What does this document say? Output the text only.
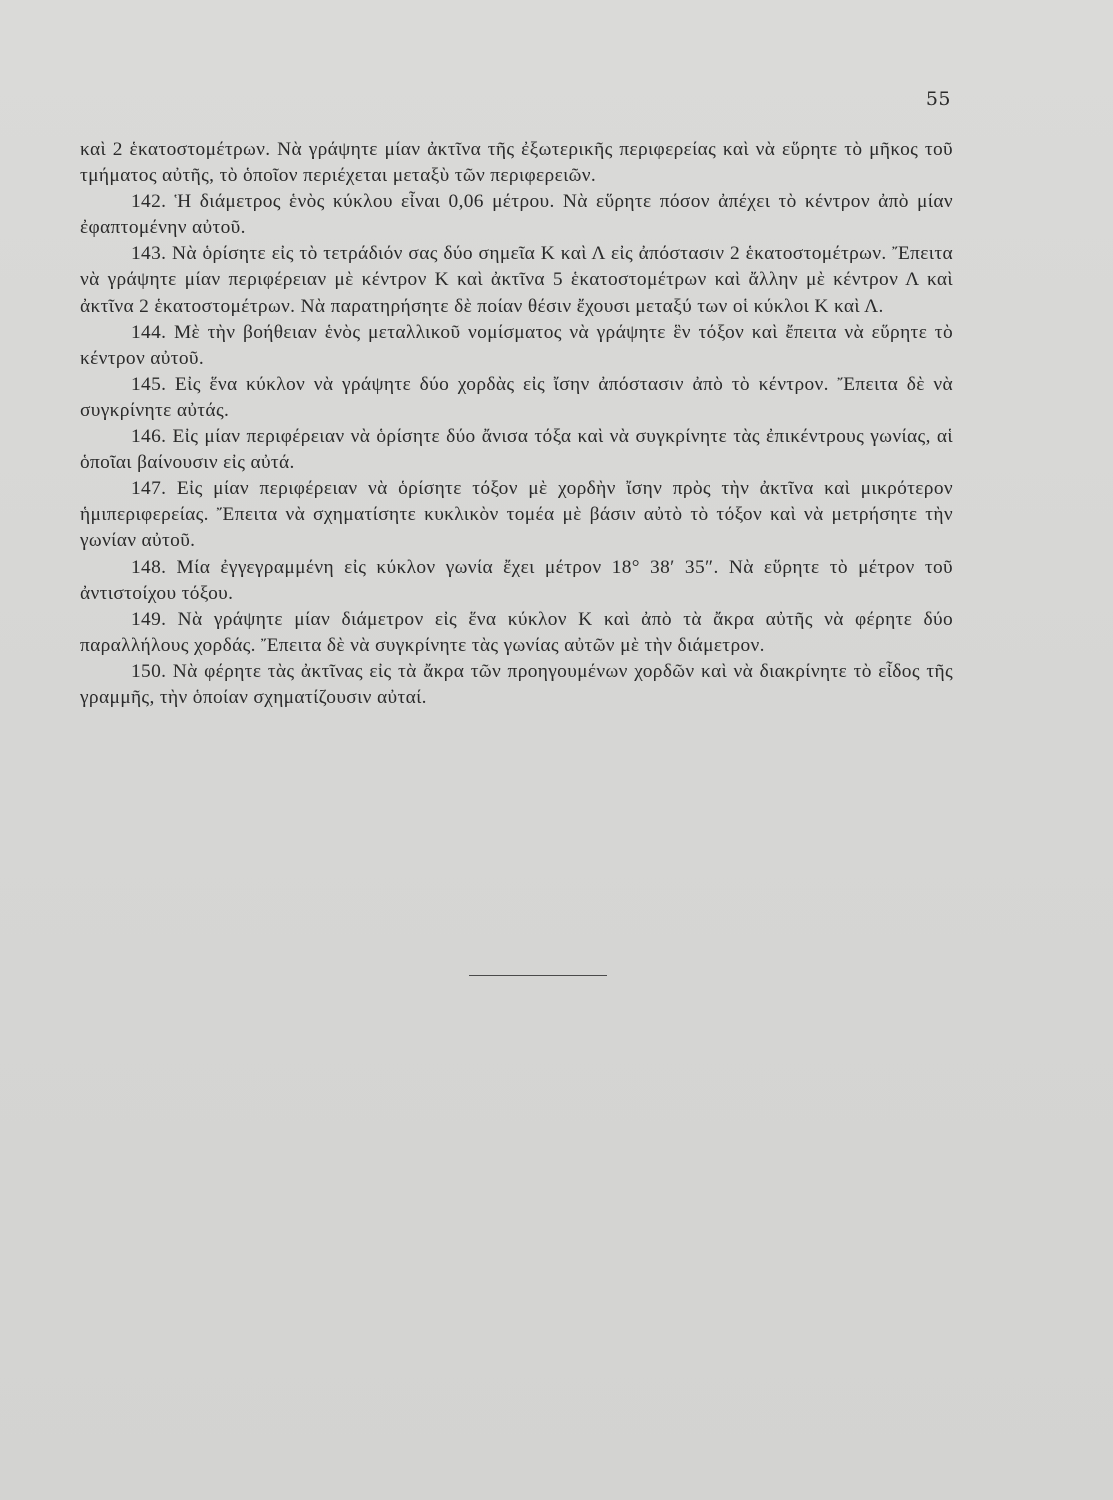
55

καὶ 2 ἑκατοστομέτρων. Νὰ γράψητε μίαν ἀκτῖνα τῆς ἐξωτερικῆς περιφερείας καὶ νὰ εὕρητε τὸ μῆκος τοῦ τμήματος αὐτῆς, τὸ ὁποῖον περιέχεται μεταξὺ τῶν περιφερειῶν.

142. Ἡ διάμετρος ἑνὸς κύκλου εἶναι 0,06 μέτρου. Νὰ εὕρητε πόσον ἀπέχει τὸ κέντρον ἀπὸ μίαν ἐφαπτομένην αὐτοῦ.

143. Νὰ ὁρίσητε εἰς τὸ τετράδιόν σας δύο σημεῖα Κ καὶ Λ εἰς ἀπόστασιν 2 ἑκατοστομέτρων. Ἔπειτα νὰ γράψητε μίαν περιφέρειαν μὲ κέντρον Κ καὶ ἀκτῖνα 5 ἑκατοστομέτρων καὶ ἄλλην μὲ κέντρον Λ καὶ ἀκτῖνα 2 ἑκατοστομέτρων. Νὰ παρατηρήσητε δὲ ποίαν θέσιν ἔχουσι μεταξύ των οἱ κύκλοι Κ καὶ Λ.

144. Μὲ τὴν βοήθειαν ἑνὸς μεταλλικοῦ νομίσματος νὰ γράψητε ἓν τόξον καὶ ἔπειτα νὰ εὕρητε τὸ κέντρον αὐτοῦ.

145. Εἰς ἕνα κύκλον νὰ γράψητε δύο χορδὰς εἰς ἴσην ἀπόστασιν ἀπὸ τὸ κέντρον. Ἔπειτα δὲ νὰ συγκρίνητε αὐτάς.

146. Εἰς μίαν περιφέρειαν νὰ ὁρίσητε δύο ἄνισα τόξα καὶ νὰ συγκρίνητε τὰς ἐπικέντρους γωνίας, αἱ ὁποῖαι βαίνουσιν εἰς αὐτά.

147. Εἰς μίαν περιφέρειαν νὰ ὁρίσητε τόξον μὲ χορδὴν ἴσην πρὸς τὴν ἀκτῖνα καὶ μικρότερον ἡμιπεριφερείας. Ἔπειτα νὰ σχηματίσητε κυκλικὸν τομέα μὲ βάσιν αὐτὸ τὸ τόξον καὶ νὰ μετρήσητε τὴν γωνίαν αὐτοῦ.

148. Μία ἐγγεγραμμένη εἰς κύκλον γωνία ἔχει μέτρον 18° 38′ 35″. Νὰ εὕρητε τὸ μέτρον τοῦ ἀντιστοίχου τόξου.

149. Νὰ γράψητε μίαν διάμετρον εἰς ἕνα κύκλον Κ καὶ ἀπὸ τὰ ἄκρα αὐτῆς νὰ φέρητε δύο παραλλήλους χορδάς. Ἔπειτα δὲ νὰ συγκρίνητε τὰς γωνίας αὐτῶν μὲ τὴν διάμετρον.

150. Νὰ φέρητε τὰς ἀκτῖνας εἰς τὰ ἄκρα τῶν προηγουμένων χορδῶν καὶ νὰ διακρίνητε τὸ εἶδος τῆς γραμμῆς, τὴν ὁποίαν σχηματίζουσιν αὐταί.
